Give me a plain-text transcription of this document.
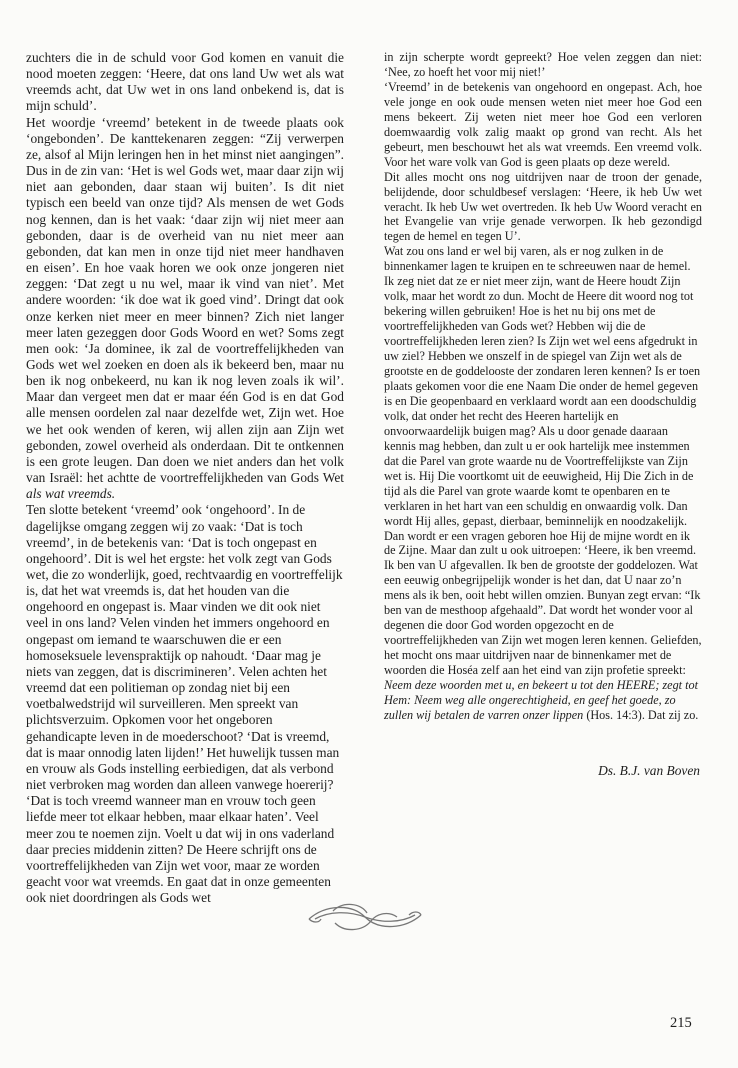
zuchters die in de schuld voor God komen en vanuit die nood moeten zeggen: ‘Heere, dat ons land Uw wet als wat vreemds acht, dat Uw wet in ons land onbekend is, dat is mijn schuld’.

Het woordje ‘vreemd’ betekent in de tweede plaats ook ‘ongebonden’. De kanttekenaren zeggen: “Zij verwerpen ze, alsof al Mijn leringen hen in het minst niet aangingen”. Dus in de zin van: ‘Het is wel Gods wet, maar daar zijn wij niet aan gebonden, daar staan wij buiten’. Is dit niet typisch een beeld van onze tijd? Als mensen de wet Gods nog kennen, dan is het vaak: ‘daar zijn wij niet meer aan gebonden, daar is de overheid van nu niet meer aan gebonden, dat kan men in onze tijd niet meer handhaven en eisen’. En hoe vaak horen we ook onze jongeren niet zeggen: ‘Dat zegt u nu wel, maar ik vind van niet’. Met andere woorden: ‘ik doe wat ik goed vind’. Dringt dat ook onze kerken niet meer en meer binnen? Zich niet langer meer laten gezeggen door Gods Woord en wet? Soms zegt men ook: ‘Ja dominee, ik zal de voortreffelijkheden van Gods wet wel zoeken en doen als ik bekeerd ben, maar nu ben ik nog onbekeerd, nu kan ik nog leven zoals ik wil’. Maar dan vergeet men dat er maar één God is en dat God alle mensen oordelen zal naar dezelfde wet, Zijn wet. Hoe we het ook wenden of keren, wij allen zijn aan Zijn wet gebonden, zowel overheid als onderdaan. Dit te ontkennen is een grote leugen. Dan doen we niet anders dan het volk van Israël: het achtte de voortreffelijkheden van Gods Wet als wat vreemds.

Ten slotte betekent ‘vreemd’ ook ‘ongehoord’. In de dagelijkse omgang zeggen wij zo vaak: ‘Dat is toch vreemd’, in de betekenis van: ‘Dat is toch ongepast en ongehoord’. Dit is wel het ergste: het volk zegt van Gods wet, die zo wonderlijk, goed, rechtvaardig en voortreffelijk is, dat het wat vreemds is, dat het houden van die ongehoord en ongepast is. Maar vinden we dit ook niet veel in ons land? Velen vinden het immers ongehoord en ongepast om iemand te waarschuwen die er een homoseksuele levenspraktijk op nahoudt. ‘Daar mag je niets van zeggen, dat is discrimineren’. Velen achten het vreemd dat een politieman op zondag niet bij een voetbalwedstrijd wil surveilleren. Men spreekt van plichtsverzuim. Opkomen voor het ongeboren gehandicapte leven in de moederschoot? ‘Dat is vreemd, dat is maar onnodig laten lijden!’ Het huwelijk tussen man en vrouw als Gods instelling eerbiedigen, dat als verbond niet verbroken mag worden dan alleen vanwege hoererij? ‘Dat is toch vreemd wanneer man en vrouw toch geen liefde meer tot elkaar hebben, maar elkaar haten’. Veel meer zou te noemen zijn. Voelt u dat wij in ons vaderland daar precies middenin zitten? De Heere schrijft ons de voortreffelijkheden van Zijn wet voor, maar ze worden geacht voor wat vreemds. En gaat dat in onze gemeenten ook niet doordringen als Gods wet

in zijn scherpte wordt gepreekt? Hoe velen zeggen dan niet: ‘Nee, zo hoeft het voor mij niet!’

‘Vreemd’ in de betekenis van ongehoord en ongepast. Ach, hoe vele jonge en ook oude mensen weten niet meer hoe God een mens bekeert. Zij weten niet meer hoe God een verloren doemwaardig volk zalig maakt op grond van recht. Als het gebeurt, men beschouwt het als wat vreemds. Een vreemd volk. Voor het ware volk van God is geen plaats op deze wereld.

Dit alles mocht ons nog uitdrijven naar de troon der genade, belijdende, door schuldbesef verslagen: ‘Heere, ik heb Uw wet veracht. Ik heb Uw wet overtreden. Ik heb Uw Woord veracht en het Evangelie van vrije genade verworpen. Ik heb gezondigd tegen de hemel en tegen U’.

Wat zou ons land er wel bij varen, als er nog zulken in de binnenkamer lagen te kruipen en te schreeuwen naar de hemel. Ik zeg niet dat ze er niet meer zijn, want de Heere houdt Zijn volk, maar het wordt zo dun. Mocht de Heere dit woord nog tot bekering willen gebruiken! Hoe is het nu bij ons met de voortreffelijkheden van Gods wet? Hebben wij die de voortreffelijkheden leren zien? Is Zijn wet wel eens afgedrukt in uw ziel? Hebben we onszelf in de spiegel van Zijn wet als de grootste en de goddelooste der zondaren leren kennen? Is er toen plaats gekomen voor die ene Naam Die onder de hemel gegeven is en Die geopenbaard en verklaard wordt aan een doodschuldig volk, dat onder het recht des Heeren hartelijk en onvoorwaardelijk buigen mag? Als u door genade daaraan kennis mag hebben, dan zult u er ook hartelijk mee instemmen dat die Parel van grote waarde nu de Voortreffelijkste van Zijn wet is. Hij Die voortkomt uit de eeuwigheid, Hij Die Zich in de tijd als die Parel van grote waarde komt te openbaren en te verklaren in het hart van een schuldig en onwaardig volk. Dan wordt Hij alles, gepast, dierbaar, beminnelijk en noodzakelijk. Dan wordt er een vragen geboren hoe Hij de mijne wordt en ik de Zijne. Maar dan zult u ook uitroepen: ‘Heere, ik ben vreemd. Ik ben van U afgevallen. Ik ben de grootste der goddelozen. Wat een eeuwig onbegrijpelijk wonder is het dan, dat U naar zo’n mens als ik ben, ooit hebt willen omzien. Bunyan zegt ervan: “Ik ben van de mesthoop afgehaald”. Dat wordt het wonder voor al degenen die door God worden opgezocht en de voortreffelijkheden van Zijn wet mogen leren kennen. Geliefden, het mocht ons maar uitdrijven naar de binnenkamer met de woorden die Hoséa zelf aan het eind van zijn profetie spreekt: Neem deze woorden met u, en bekeert u tot den HEERE; zegt tot Hem: Neem weg alle ongerechtigheid, en geef het goede, zo zullen wij betalen de varren onzer lippen (Hos. 14:3). Dat zij zo.

Ds. B.J. van Boven
215
